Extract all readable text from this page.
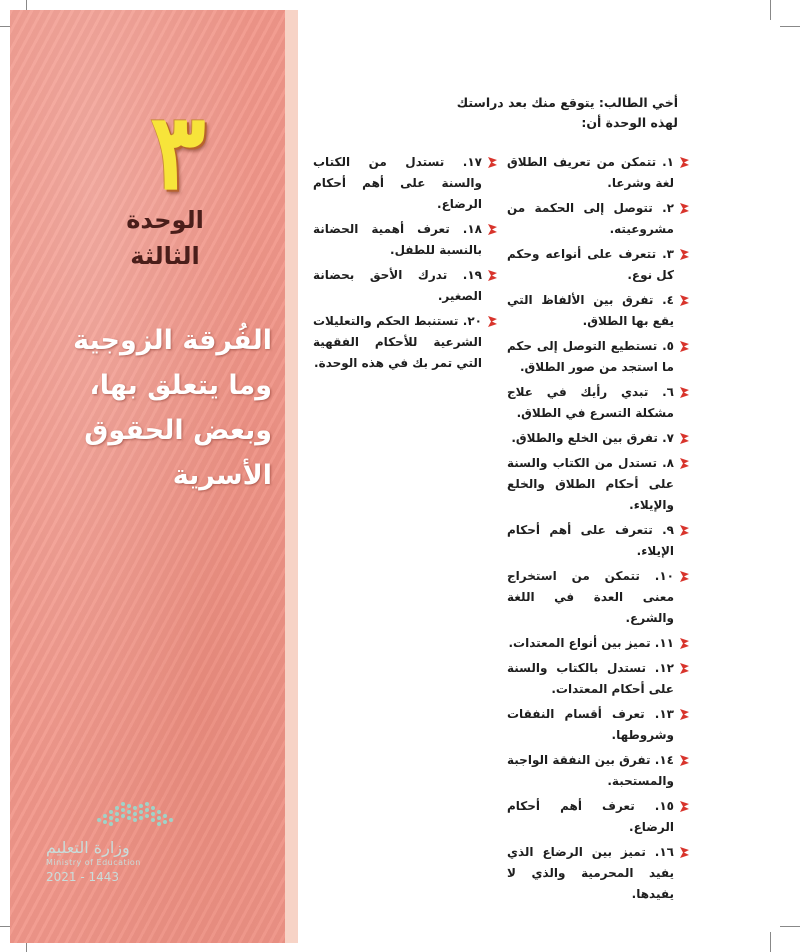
٣
الوحدة
الثالثة
الفُرقة الزوجية
وما يتعلق بها،
وبعض الحقوق
الأسرية
وزارة التعليم
Ministry of Education
2021 - 1443
أخي الطالب: يتوقع منك بعد دراستك
لهذه الوحدة أن:
١. تتمكن من تعريف الطلاق لغة وشرعا.
٢. تتوصل إلى الحكمة من مشروعيته.
٣. تتعرف على أنواعه وحكم كل نوع.
٤. تفرق بين الألفاظ التي يقع بها الطلاق.
٥. تستطيع التوصل إلى حكم ما استجد من صور الطلاق.
٦. تبدي رأيك في علاج مشكلة التسرع في الطلاق.
٧. تفرق بين الخلع والطلاق.
٨. تستدل من الكتاب والسنة على أحكام الطلاق والخلع والإيلاء.
٩. تتعرف على أهم أحكام الإيلاء.
١٠. تتمكن من استخراج معنى العدة في اللغة والشرع.
١١. تميز بين أنواع المعتدات.
١٢. تستدل بالكتاب والسنة على أحكام المعتدات.
١٣. تعرف أقسام النفقات وشروطها.
١٤. تفرق بين النفقة الواجبة والمستحبة.
١٥. تعرف أهم أحكام الرضاع.
١٦. تميز بين الرضاع الذي يفيد المحرمية والذي لا يفيدها.
١٧. تستدل من الكتاب والسنة على أهم أحكام الرضاع.
١٨. تعرف أهمية الحضانة بالنسبة للطفل.
١٩. تدرك الأحق بحضانة الصغير.
٢٠. تستنبط الحكم والتعليلات الشرعية للأحكام الفقهية التي تمر بك في هذه الوحدة.
